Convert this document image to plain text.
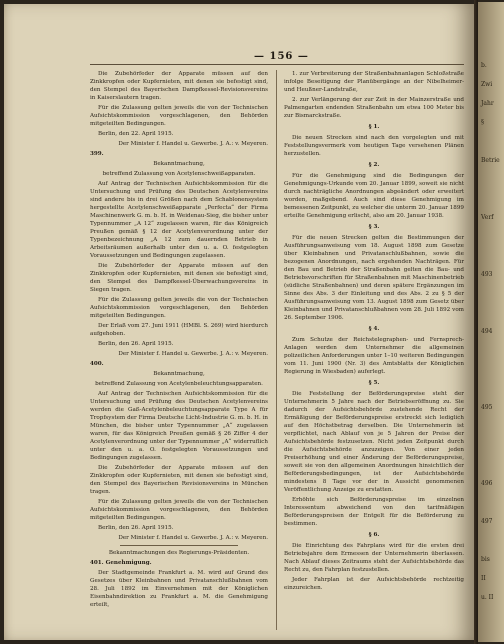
— 156 —

Die Zubehörfeder der Apparate müssen auf den Zinkkropfen oder Kupfernieten, mit denen sie befestigt sind, den Stempel des Bayerischen Dampfkessel-Revisionsvereins in Kaiserslautern tragen.

Für die Zulassung gelten jeweils die von der Technischen Aufsichtskommission vorgeschlagenen, den Behörden mitgeteilten Bedingungen.

Berlin, den 22. April 1915.

Der Minister f. Handel u. Gewerbe. J. A.: v. Meyeren.

399.

Bekanntmachung,

betreffend Zulassung von Acetylenschweißapparaten.

Auf Antrag der Technischen Aufsichtskommission für die Untersuchung und Prüfung des Deutschen Acetylenvereins sind andere bis in drei Größen nach dem Schablonensystem hergestellte Acetylenschweißapparate „Perfecta“ der Firma Maschinenwerk G. m. b. H. in Weidenau-Sieg, die bisher unter Typennummer „A 12“ zugelassen waren, für das Königreich Preußen gemäß § 12 der Acetylenverordnung unter der Typenbezeichnung „A 12 zum dauernden Betrieb in Arbeitsräumen außerhalb unter den u. a. O. festgelegten Voraussetzungen und Bedingungen zugelassen.

Die Zubehörfeder der Apparate müssen auf den Zinkkropfen oder Kupfernieten, mit denen sie befestigt sind, den Stempel des Dampfkessel-Überwachungsvereins in Siegen tragen.

Für die Zulassung gelten jeweils die von der Technischen Aufsichtskommission vorgeschlagenen, den Behörden mitgeteilten Bedingungen.

Der Erlaß vom 27. Juni 1911 (HMBl. S. 269) wird hierdurch aufgehoben.

Berlin, den 26. April 1915.

Der Minister f. Handel u. Gewerbe. J. A.: v. Meyeren.

400.

Bekanntmachung,

betreffend Zulassung von Acetylenbeleuchtungsapparaten.

Auf Antrag der Technischen Aufsichtskommission für die Untersuchung und Prüfung des Deutschen Acetylenvereins werden die Gaß-Acetylenbeleuchtungsapparate Type A für Tropfsystem der Firma Deutsche Licht-Industrie G. m. b. H. in München, die bisher unter Typennummer „A“ zugelassen waren, für das Königreich Preußen gemäß § 26 Ziffer 4 der Acetylenverordnung unter der Typennummer „A“ widerruflich unter den u. a. O. festgelegten Voraussetzungen und Bedingungen zugelassen.

Die Zubehörfeder der Apparate müssen auf den Zinkkropfen oder Kupfernieten, mit denen sie befestigt sind, den Stempel des Bayerischen Revisionsvereins in München tragen.

Für die Zulassung gelten jeweils die von der Technischen Aufsichtskommission vorgeschlagenen, den Behörden mitgeteilten Bedingungen.

Berlin, den 26. April 1915.

Der Minister f. Handel u. Gewerbe. J. A.: v. Meyeren.

Bekanntmachungen des Regierungs-Präsidenten.

401. Genehmigung.

Der Stadtgemeinde Frankfurt a. M. wird auf Grund des Gesetzes über Kleinbahnen und Privatanschlußbahnen vom 28. Juli 1892 im Einvernehmen mit der Königlichen Eisenbahndirektion zu Frankfurt a. M. die Genehmigung erteilt,

1. zur Verbreiterung der Straßenbahnanlagen Schloßstraße infolge Beseitigung der Planübergänge an der Nibelheimer- und Heußner-Landstraße,

2. zur Verlängerung der zur Zeit in der Mainzerstraße und Palmengarten endenden Straßenbahn um etwa 100 Meter bis zur Bismarckstraße.

§ 1.

Die neuen Strecken sind nach den vorgelegten und mit Feststellungsvermerk vom heutigen Tage versehenen Plänen herzustellen.

§ 2.

Für die Genehmigung sind die Bedingungen der Genehmigungs-Urkunde vom 20. Januar 1899, soweit sie nicht durch nachträgliche Anordnungen abgeändert oder erweitert worden, maßgebend. Auch sind diese Genehmigung im bemessenen Zeitpunkt, zu welcher die unterm 20. Januar 1899 erteilte Genehmigung erlischt, also am 20. Januar 1938.

§ 3.

Für die neuen Strecken gelten die Bestimmungen der Ausführungsanweisung vom 18. August 1898 zum Gesetze über Kleinbahnen und Privatanschlußbahnen, sowie die bezogenen Anordnungen, nach ergehenden Nachträgen. Für den Bau und Betrieb der Straßenbahn gelten die Bau- und Betriebsvorschriften für Straßenbahnen mit Maschinenbetrieb (südliche Straßenbahnen) und deren spätere Ergänzungen im Sinne des Abs. 3 der Einleitung und des Abs. 2 zu § 5 der Ausführungsanweisung vom 13. August 1898 zum Gesetz über Kleinbahnen und Privatanschlußbahnen vom 28. Juli 1892 vom 26. September 1906.

§ 4.

Zum Schutze der Reichstelegraphen- und Fernsprech-Anlagen werden dem Unternehmer die allgemeinen polizeilichen Anforderungen unter 1–10 weiteren Bedingungen vom 11. Juni 1900 (Nr. 3) des Amtsblatts der Königlichen Regierung in Wiesbaden) auferlegt.

§ 5.

Die Feststellung der Beförderungspreise steht der Unternehmerin 5 Jahre nach der Betriebseröffnung zu. Sie dadurch der Aufsichtsbehörde zustehende Recht der Ermäßigung der Beförderungspreise erstreckt sich lediglich auf den Höchstbetrag derselben. Die Unternehmerin ist verpflichtet, nach Ablauf von je 5 Jahren der Preise der Aufsichtsbehörde festzusetzen. Nicht jeden Zeitpunkt durch die Aufsichtsbehörde anzuzeigen. Von einer jeden Preiserhöhung und einer Änderung der Beförderungspreise, soweit sie von den allgemeinen Anordnungen hinsichtlich der Beförderungsbedingungen, ist der Aufsichtsbehörde mindestens 8 Tage vor der in Aussicht genommenen Veröffentlichung Anzeige zu erstatten.

Erhöhte sich Beförderungspreise im einzelnen Interessentum abweichend von den tarifmäßigen Beförderungspreisen der Entgelt für die Beförderung zu bestimmen.

§ 6.

Die Einrichtung des Fahrplans wird für die ersten drei Betriebsjahre dem Ermessen der Unternehmerin überlassen. Nach Ablauf dieses Zeitraums steht der Aufsichtsbehörde das Recht zu, den Fahrplan festzustellen.

Jeder Fahrplan ist der Aufsichtsbehörde rechtzeitig einzureichen.

b.
Zwi
Jahr
§
Betrie
Verf
493
494
495
496
497
bis
II
u. II
